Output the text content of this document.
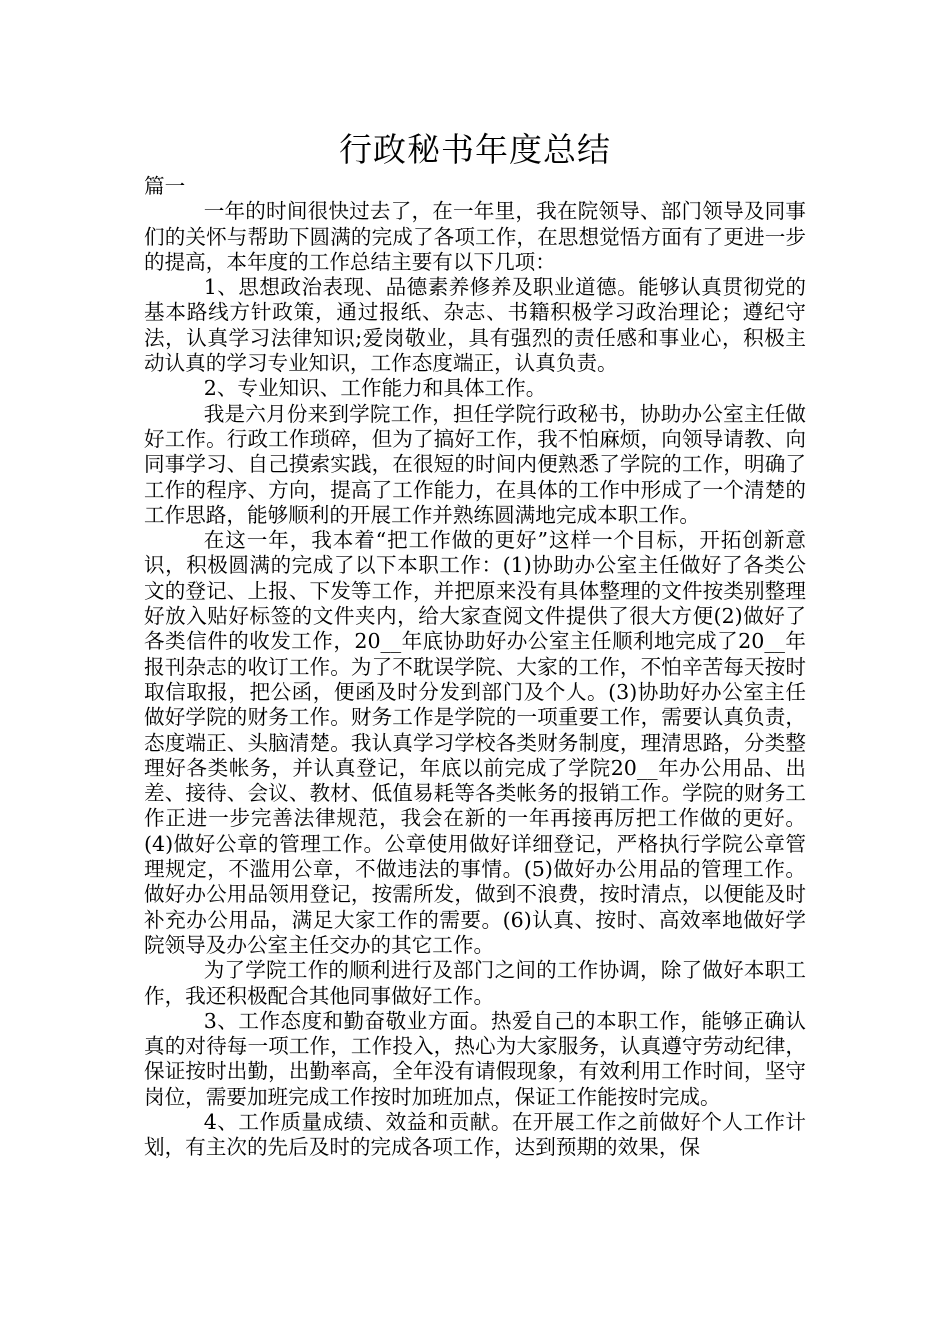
行政秘书年度总结

篇一

一年的时间很快过去了，在一年里，我在院领导、部门领导及同事们的关怀与帮助下圆满的完成了各项工作，在思想觉悟方面有了更进一步的提高，本年度的工作总结主要有以下几项：

1、思想政治表现、品德素养修养及职业道德。能够认真贯彻党的基本路线方针政策，通过报纸、杂志、书籍积极学习政治理论；遵纪守法，认真学习法律知识;爱岗敬业，具有强烈的责任感和事业心，积极主动认真的学习专业知识，工作态度端正，认真负责。

2、专业知识、工作能力和具体工作。

我是六月份来到学院工作，担任学院行政秘书，协助办公室主任做好工作。行政工作琐碎，但为了搞好工作，我不怕麻烦，向领导请教、向同事学习、自己摸索实践，在很短的时间内便熟悉了学院的工作，明确了工作的程序、方向，提高了工作能力，在具体的工作中形成了一个清楚的工作思路，能够顺利的开展工作并熟练圆满地完成本职工作。

在这一年，我本着“把工作做的更好”这样一个目标，开拓创新意识，积极圆满的完成了以下本职工作：(1)协助办公室主任做好了各类公文的登记、上报、下发等工作，并把原来没有具体整理的文件按类别整理好放入贴好标签的文件夹内，给大家查阅文件提供了很大方便(2)做好了各类信件的收发工作，20__年底协助好办公室主任顺利地完成了20__年报刊杂志的收订工作。为了不耽误学院、大家的工作，不怕辛苦每天按时取信取报，把公函，便函及时分发到部门及个人。(3)协助好办公室主任做好学院的财务工作。财务工作是学院的一项重要工作，需要认真负责，态度端正、头脑清楚。我认真学习学校各类财务制度，理清思路，分类整理好各类帐务，并认真登记，年底以前完成了学院20__年办公用品、出差、接待、会议、教材、低值易耗等各类帐务的报销工作。学院的财务工作正进一步完善法律规范，我会在新的一年再接再厉把工作做的更好。(4)做好公章的管理工作。公章使用做好详细登记，严格执行学院公章管理规定，不滥用公章，不做违法的事情。(5)做好办公用品的管理工作。做好办公用品领用登记，按需所发，做到不浪费，按时清点，以便能及时补充办公用品，满足大家工作的需要。(6)认真、按时、高效率地做好学院领导及办公室主任交办的其它工作。

为了学院工作的顺利进行及部门之间的工作协调，除了做好本职工作，我还积极配合其他同事做好工作。

3、工作态度和勤奋敬业方面。热爱自己的本职工作，能够正确认真的对待每一项工作，工作投入，热心为大家服务，认真遵守劳动纪律，保证按时出勤，出勤率高，全年没有请假现象，有效利用工作时间，坚守岗位，需要加班完成工作按时加班加点，保证工作能按时完成。

4、工作质量成绩、效益和贡献。在开展工作之前做好个人工作计划，有主次的先后及时的完成各项工作，达到预期的效果，保
